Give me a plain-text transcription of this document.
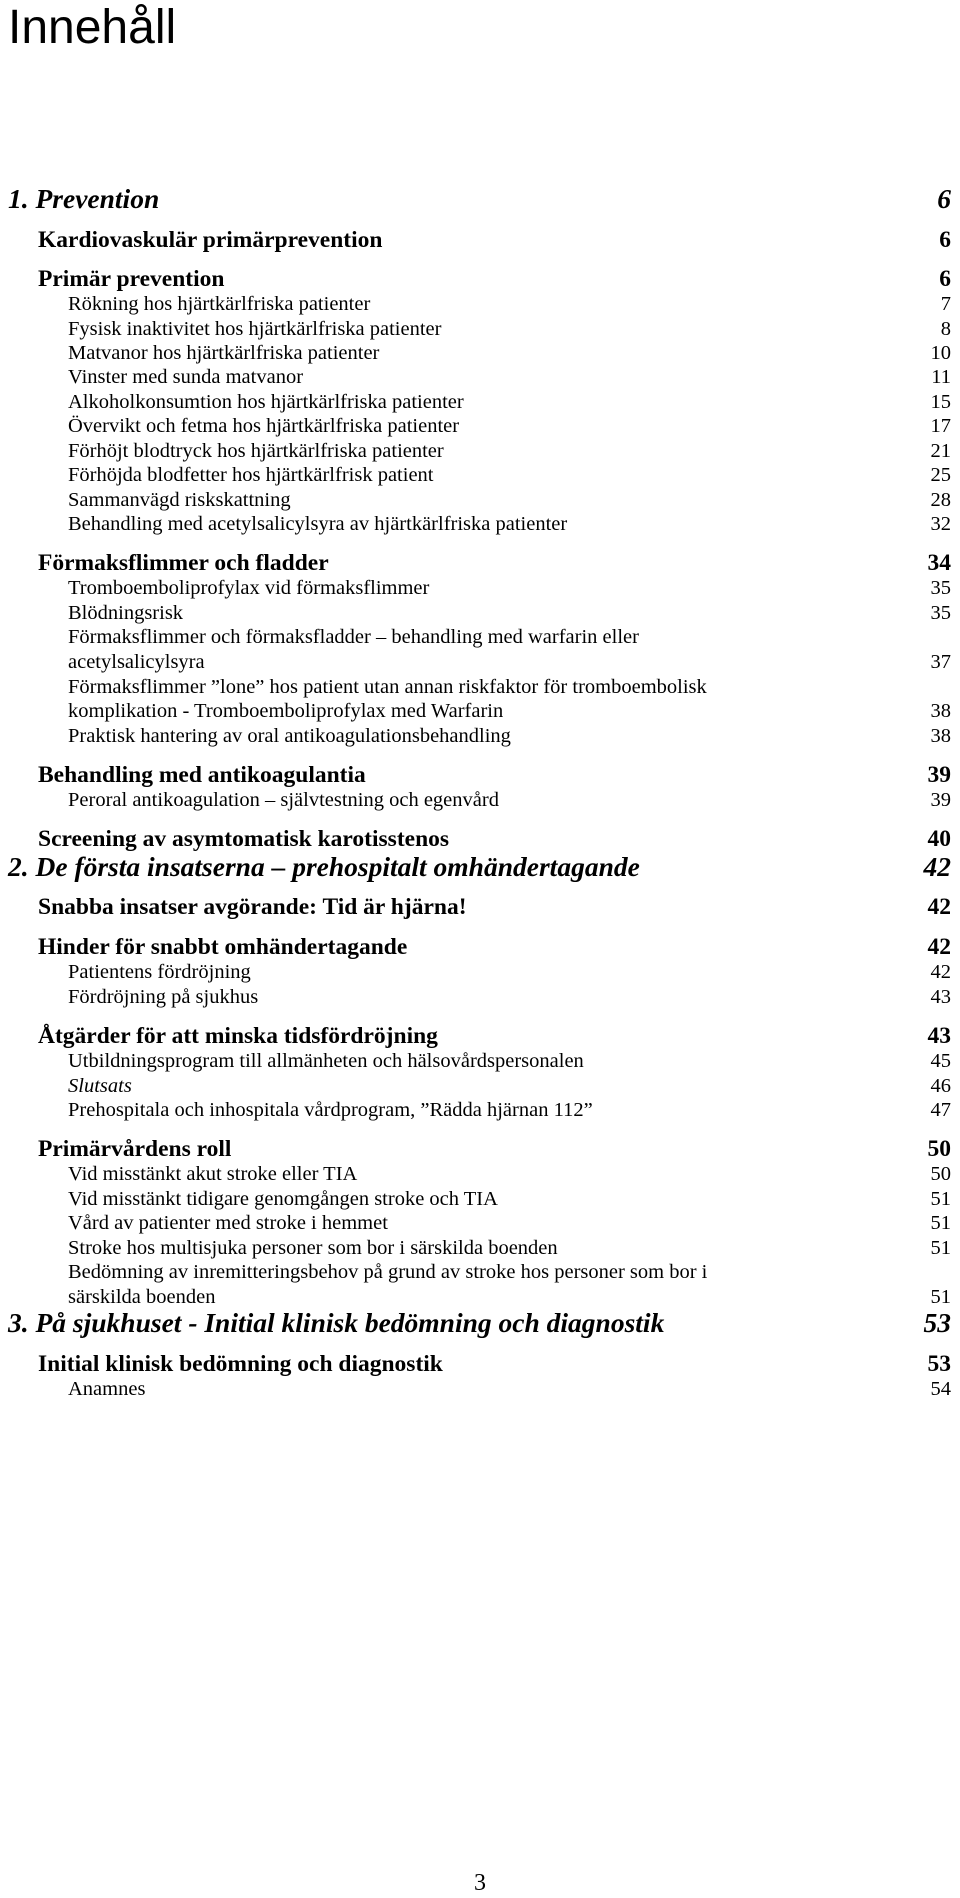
Innehåll
1. Prevention	6
Kardiovaskulär primärprevention	6
Primär prevention	6
Rökning hos hjärtkärlfriska patienter	7
Fysisk inaktivitet hos hjärtkärlfriska patienter	8
Matvanor hos hjärtkärlfriska patienter	10
Vinster med sunda matvanor	11
Alkoholkonsumtion hos hjärtkärlfriska patienter	15
Övervikt och fetma hos hjärtkärlfriska patienter	17
Förhöjt blodtryck hos hjärtkärlfriska patienter	21
Förhöjda blodfetter hos hjärtkärlfrisk patient	25
Sammanvägd riskskattning	28
Behandling med acetylsalicylsyra av hjärtkärlfriska patienter	32
Förmaksflimmer och fladder	34
Tromboemboliprofylax vid förmaksflimmer	35
Blödningsrisk	35
Förmaksflimmer och förmaksfladder – behandling med warfarin eller
acetylsalicylsyra	37
Förmaksflimmer ”lone” hos patient utan annan riskfaktor för tromboembolisk
komplikation - Tromboemboliprofylax med Warfarin	38
Praktisk hantering av oral antikoagulationsbehandling	38
Behandling med antikoagulantia	39
Peroral antikoagulation – självtestning och egenvård	39
Screening av asymtomatisk karotisstenos	40
2. De första insatserna – prehospitalt omhändertagande	42
Snabba insatser avgörande: Tid är hjärna!	42
Hinder för snabbt omhändertagande	42
Patientens fördröjning	42
Fördröjning på sjukhus	43
Åtgärder för att minska tidsfördröjning	43
Utbildningsprogram till allmänheten och hälsovårdspersonalen	45
Slutsats	46
Prehospitala och inhospitala vårdprogram, ”Rädda hjärnan 112”	47
Primärvårdens roll	50
Vid misstänkt akut stroke eller TIA	50
Vid misstänkt tidigare genomgången stroke och TIA	51
Vård av patienter med stroke i hemmet	51
Stroke hos multisjuka personer som bor i särskilda boenden	51
Bedömning av inremitteringsbehov på grund av stroke hos personer som bor i
särskilda boenden	51
3. På sjukhuset - Initial klinisk bedömning och diagnostik	53
Initial klinisk bedömning och diagnostik	53
Anamnes	54
3
